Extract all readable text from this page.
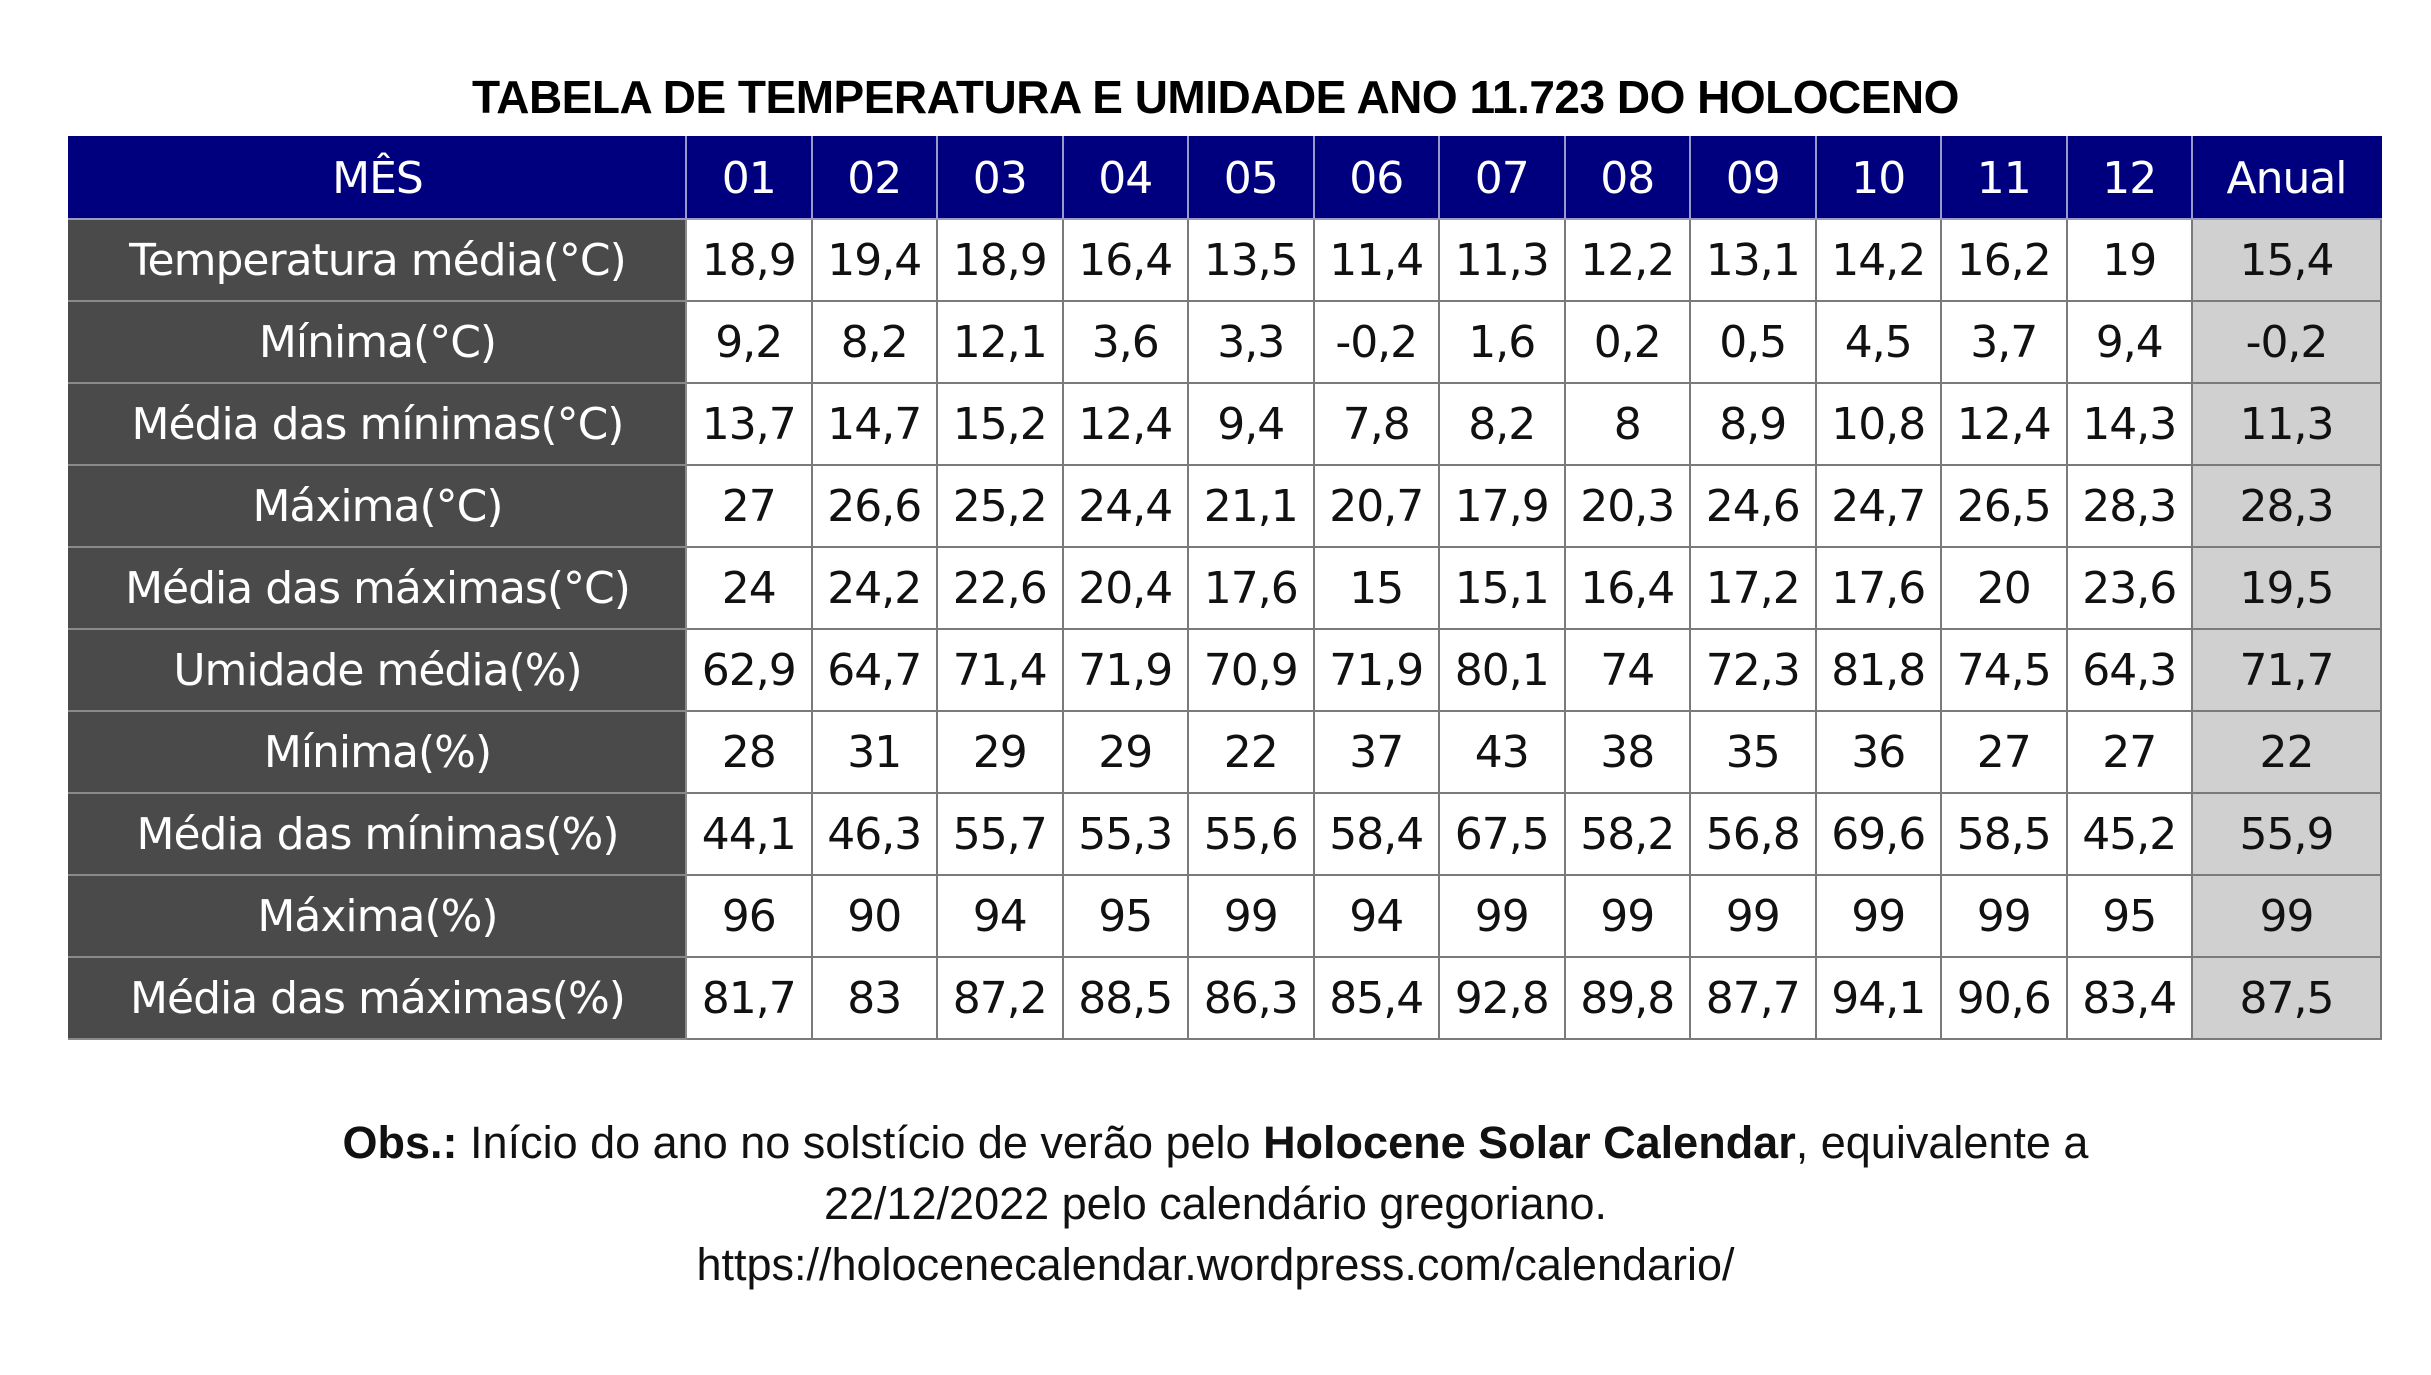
TABELA DE TEMPERATURA E UMIDADE ANO 11.723 DO HOLOCENO
MÊS	01	02	03	04	05	06	07	08	09	10	11	12	Anual
Temperatura média(°C)	18,9	19,4	18,9	16,4	13,5	11,4	11,3	12,2	13,1	14,2	16,2	19	15,4
Mínima(°C)	9,2	8,2	12,1	3,6	3,3	-0,2	1,6	0,2	0,5	4,5	3,7	9,4	-0,2
Média das mínimas(°C)	13,7	14,7	15,2	12,4	9,4	7,8	8,2	8	8,9	10,8	12,4	14,3	11,3
Máxima(°C)	27	26,6	25,2	24,4	21,1	20,7	17,9	20,3	24,6	24,7	26,5	28,3	28,3
Média das máximas(°C)	24	24,2	22,6	20,4	17,6	15	15,1	16,4	17,2	17,6	20	23,6	19,5
Umidade média(%)	62,9	64,7	71,4	71,9	70,9	71,9	80,1	74	72,3	81,8	74,5	64,3	71,7
Mínima(%)	28	31	29	29	22	37	43	38	35	36	27	27	22
Média das mínimas(%)	44,1	46,3	55,7	55,3	55,6	58,4	67,5	58,2	56,8	69,6	58,5	45,2	55,9
Máxima(%)	96	90	94	95	99	94	99	99	99	99	99	95	99
Média das máximas(%)	81,7	83	87,2	88,5	86,3	85,4	92,8	89,8	87,7	94,1	90,6	83,4	87,5

Obs.: Início do ano no solstício de verão pelo Holocene Solar Calendar, equivalente a

22/12/2022 pelo calendário gregoriano.

https://holocenecalendar.wordpress.com/calendario/
